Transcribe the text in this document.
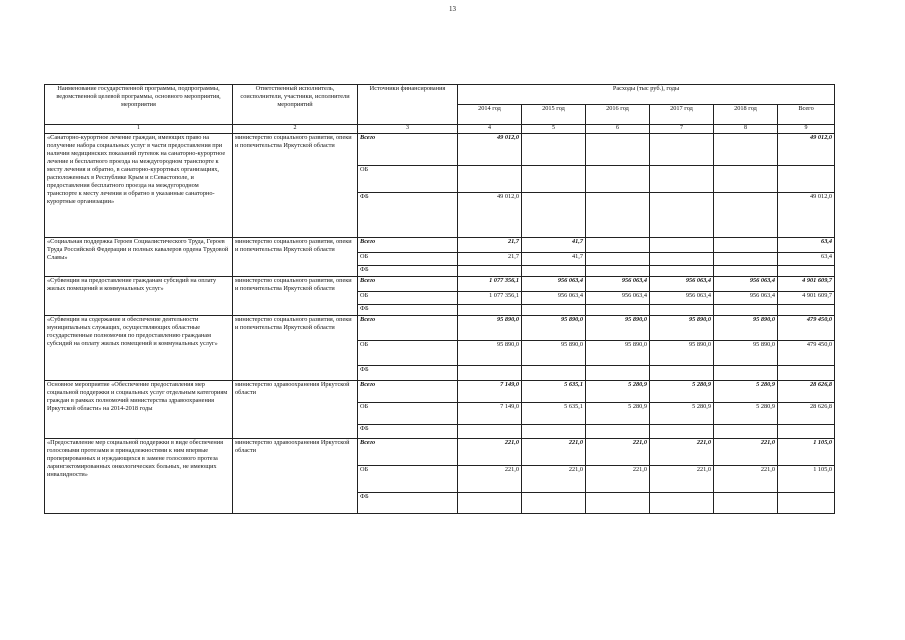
13
Наименование государственной программы, подпрограммы, ведомственной целевой программы, основного мероприятия, мероприятия	Ответственный исполнитель, соисполнители, участники, исполнители мероприятий	Источники финансирования	Расходы (тыс руб.), годы					
			2014 год	2015 год	2016 год	2017 год	2018 год	Всего
1	2	3	4	5	6	7	8	9
«Санаторно-курортное лечение граждан, имеющих право на получение набора социальных услуг в части предоставления при наличии медицинских показаний путевок на санаторно-курортное лечение и бесплатного проезда на междугородном транспорте к месту лечения и обратно, в санаторно-курортных организациях, расположенных в Республике Крым и г.Севастополе, и предоставления бесплатного проезда на междугородном транспорте к месту лечения и обратно в указанные санаторно-курортные организации»	министерство социального развития, опеки и попечительства Иркутской области	Всего	49 012,0					49 012,0
		ОБ						
		ФБ	49 012,0					49 012,0
«Социальная поддержка Героев Социалистического Труда, Героев Труда Российской Федерации и полных кавалеров ордена Трудовой Славы»	министерство социального развития, опеки и попечительства Иркутской области	Всего	21,7	41,7				63,4
		ОБ	21,7	41,7				63,4
		ФБ						
«Субвенции на предоставление гражданам субсидий на оплату жилых помещений и коммунальных услуг»	министерство социального развития, опеки и попечительства Иркутской области	Всего	1 077 356,1	956 063,4	956 063,4	956 063,4	956 063,4	4 901 609,7
		ОБ	1 077 356,1	956 063,4	956 063,4	956 063,4	956 063,4	4 901 609,7
		ФБ						
«Субвенции на содержание и обеспечение деятельности муниципальных служащих, осуществляющих областные государственные полномочия по предоставлению гражданам субсидий на оплату жилых помещений и коммунальных услуг»	министерство социального развития, опеки и попечительства Иркутской области	Всего	95 890,0	95 890,0	95 890,0	95 890,0	95 890,0	479 450,0
		ОБ	95 890,0	95 890,0	95 890,0	95 890,0	95 890,0	479 450,0
		ФБ						
Основное мероприятие «Обеспечение предоставления мер социальной поддержки и социальных услуг отдельным категориям граждан в рамках полномочий министерства здравоохранения Иркутской области» на 2014-2018 годы	министерство здравоохранения Иркутской области	Всего	7 149,0	5 635,1	5 280,9	5 280,9	5 280,9	28 626,8
		ОБ	7 149,0	5 635,1	5 280,9	5 280,9	5 280,9	28 626,8
		ФБ						
«Предоставление мер социальной поддержки в виде обеспечения голосовыми протезами и принадлежностями к ним впервые проперированных и нуждающихся в замене голосового протеза ларингэктомированных онкологических больных, не имеющих инвалидности»	министерство здравоохранения Иркутской области	Всего	221,0	221,0	221,0	221,0	221,0	1 105,0
		ОБ	221,0	221,0	221,0	221,0	221,0	1 105,0
		ФБ						
